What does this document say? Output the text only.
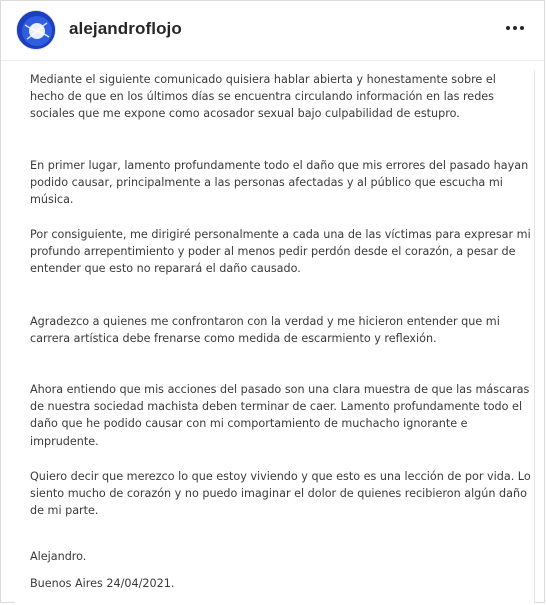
alejandroflojo

Mediante el siguiente comunicado quisiera hablar abierta y honestamente sobre el hecho de que en los últimos días se encuentra circulando información en las redes sociales que me expone como acosador sexual bajo culpabilidad de estupro.

En primer lugar, lamento profundamente todo el daño que mis errores del pasado hayan podido causar, principalmente a las personas afectadas y al público que escucha mi música.

Por consiguiente, me dirigiré personalmente a cada una de las víctimas para expresar mi profundo arrepentimiento y poder al menos pedir perdón desde el corazón, a pesar de entender que esto no reparará el daño causado.

Agradezco a quienes me confrontaron con la verdad y me hicieron entender que mi carrera artística debe frenarse como medida de escarmiento y reflexión.

Ahora entiendo que mis acciones del pasado son una clara muestra de que las máscaras de nuestra sociedad machista deben terminar de caer. Lamento profundamente todo el daño que he podido causar con mi comportamiento de muchacho ignorante e imprudente.

Quiero decir que merezco lo que estoy viviendo y que esto es una lección de por vida. Lo siento mucho de corazón y no puedo imaginar el dolor de quienes recibieron algún daño de mi parte.

Alejandro.

Buenos Aires 24/04/2021.
